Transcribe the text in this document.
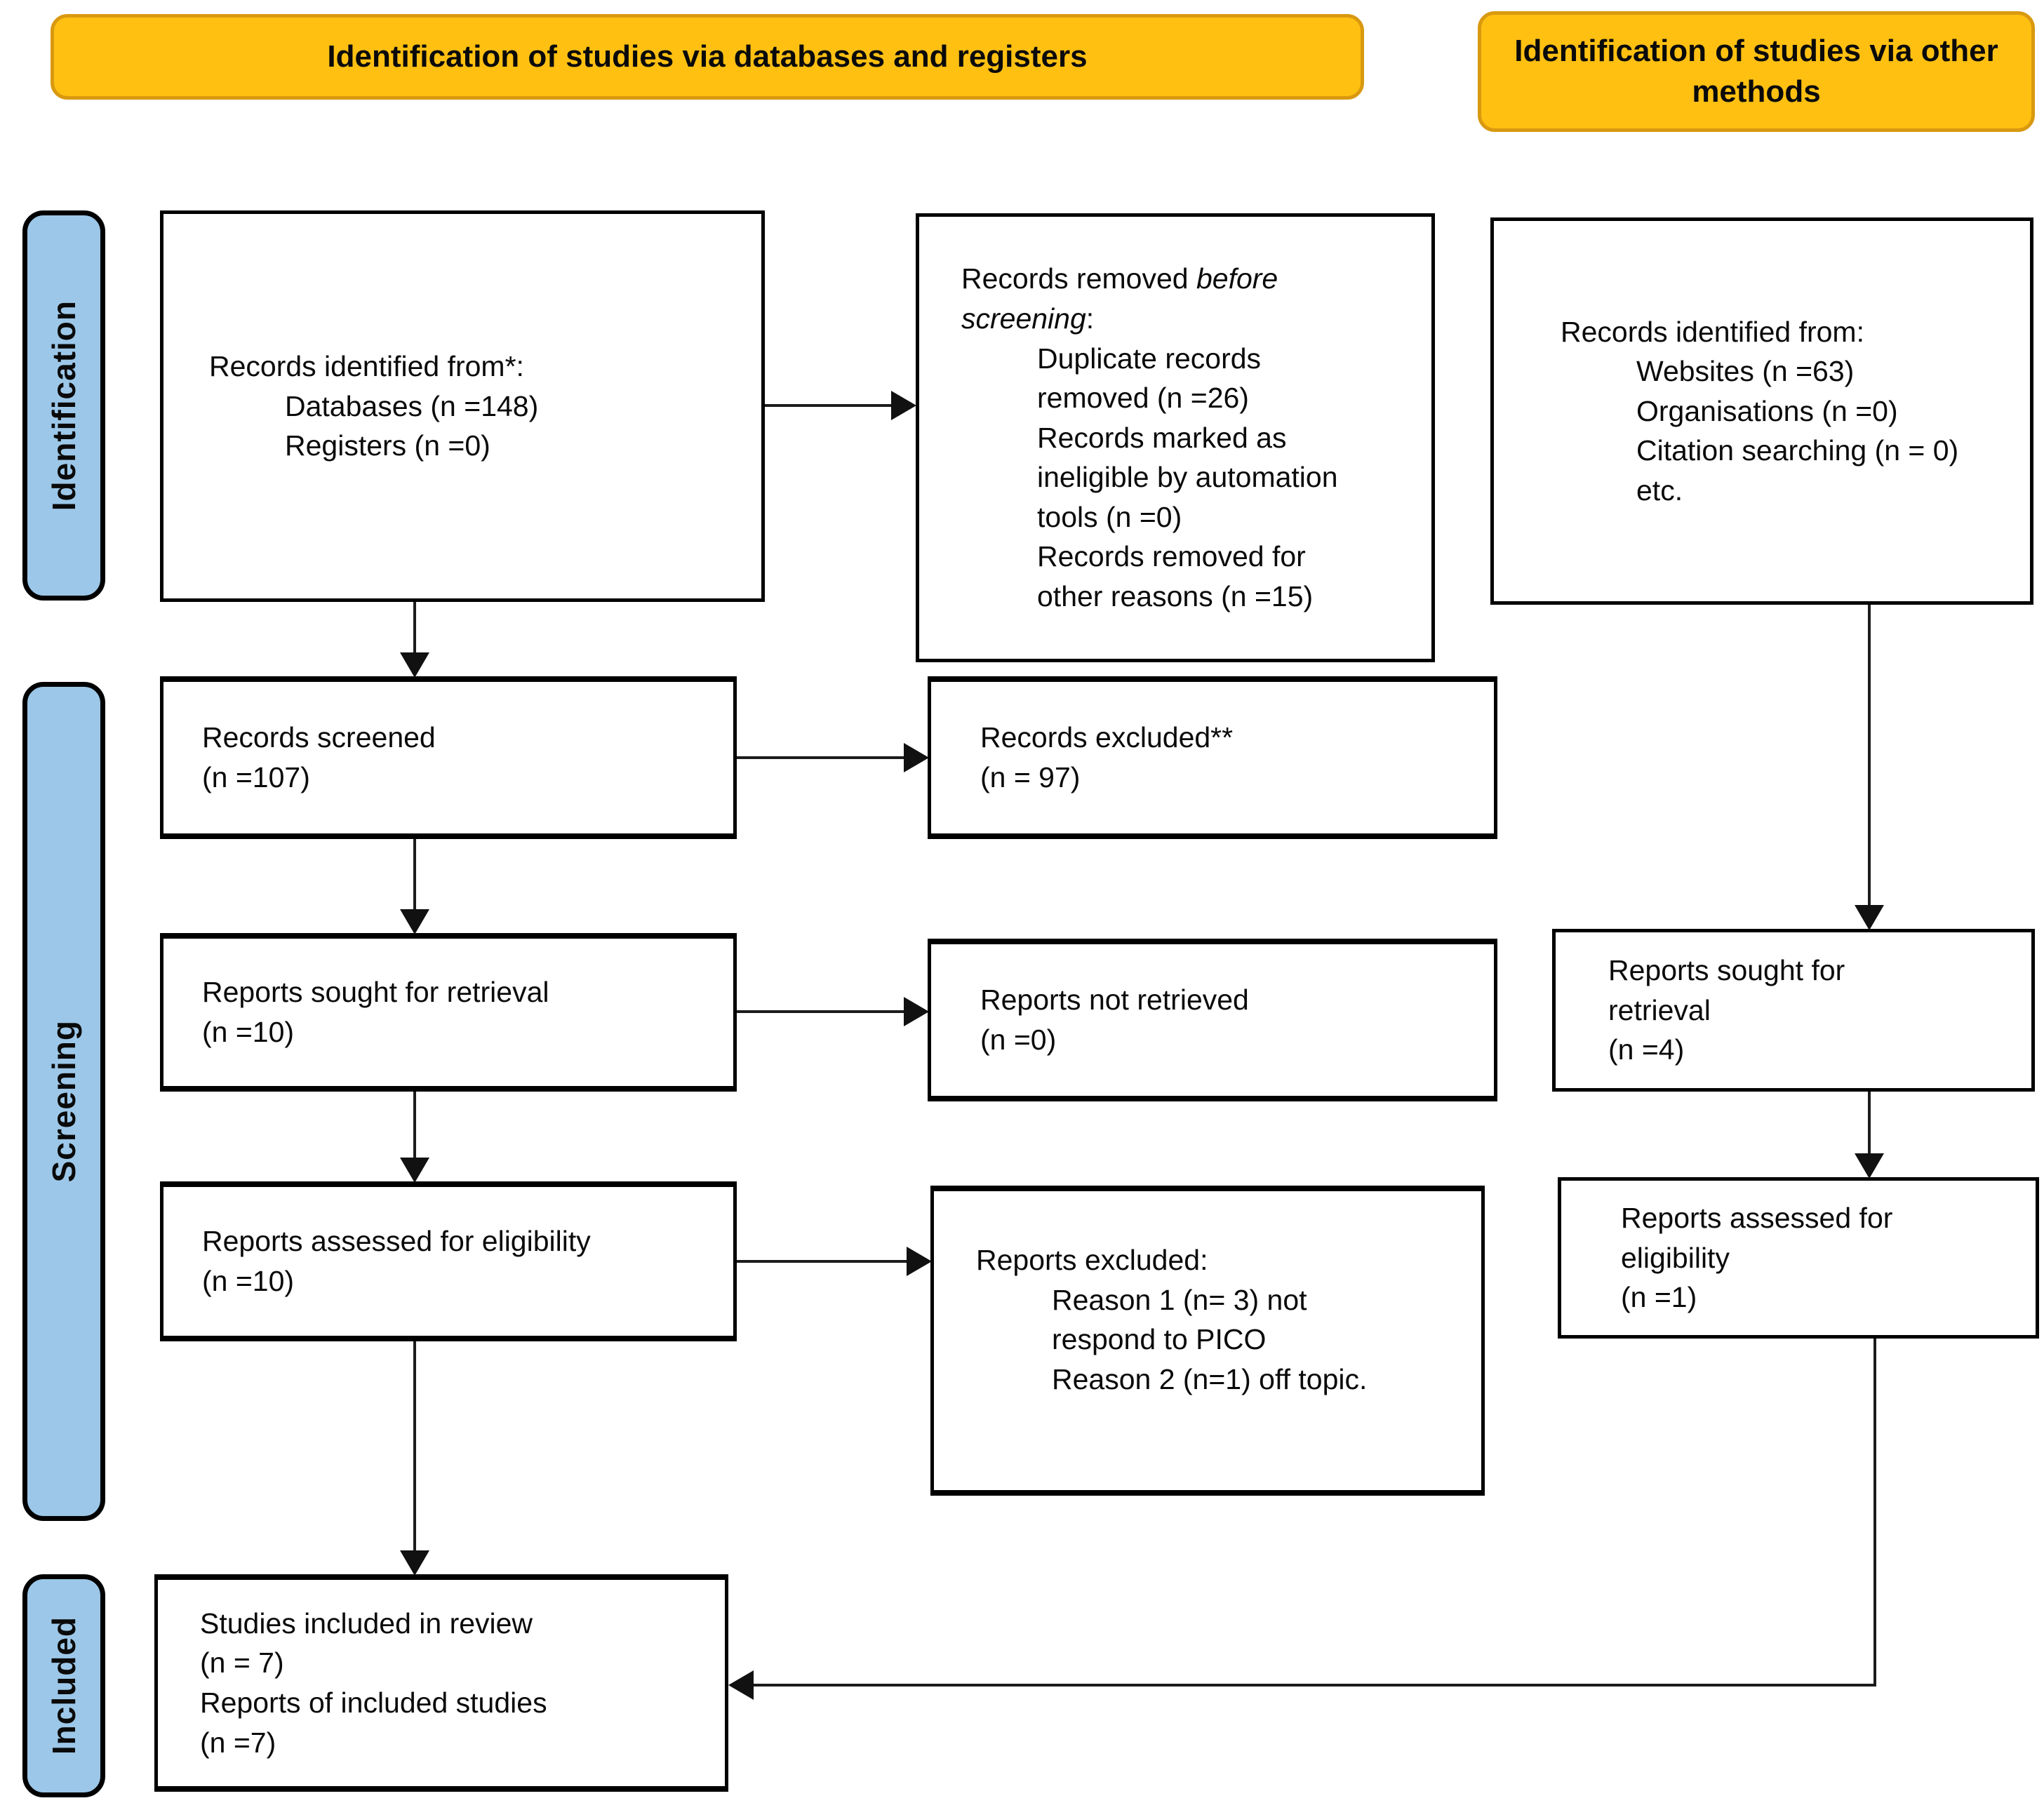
Identification of studies via databases and registers	Identification of studies via other methods
Identification
Screening
Included
Records identified from*:
Databases (n =148)
Registers (n =0)
Records screened
(n =107)
Reports sought for retrieval
(n =10)
Reports assessed for eligibility
(n =10)
Studies included in review
(n = 7)
Reports of included studies
(n =7)
Records removed before
screening:
Duplicate records
removed (n =26)
Records marked as
ineligible by automation
tools (n =0)
Records removed for
other reasons (n =15)
Records excluded**
(n = 97)
Reports not retrieved
(n =0)
Reports excluded:
Reason 1 (n= 3) not
respond to PICO
Reason 2 (n=1) off topic.
Records identified from:
Websites (n =63)
Organisations (n =0)
Citation searching (n = 0)
etc.
Reports sought for
retrieval
(n =4)
Reports assessed for
eligibility
(n =1)
